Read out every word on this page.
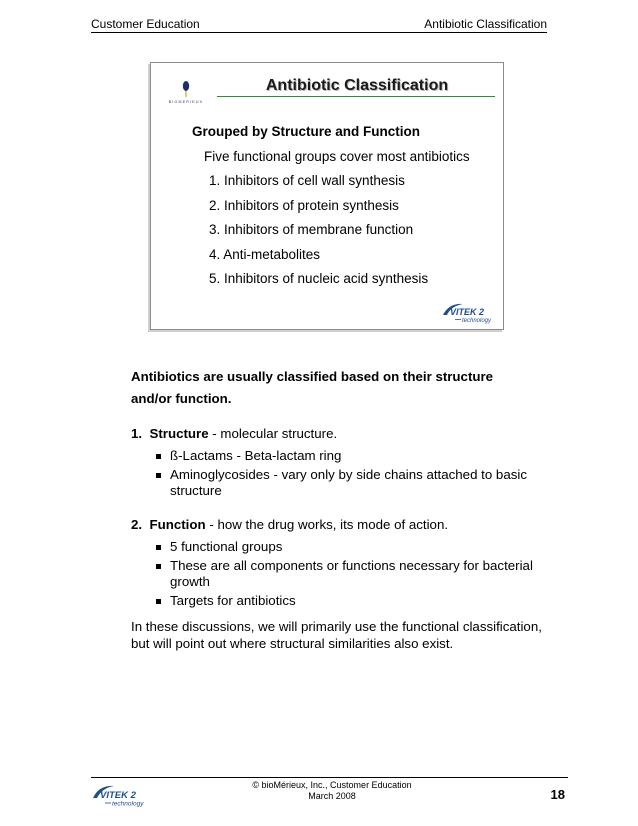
Customer Education	Antibiotic Classification
BIOMERIEUX
Antibiotic Classification
Grouped by Structure and Function
Five functional groups cover most antibiotics
1. Inhibitors of cell wall synthesis
2. Inhibitors of protein synthesis
3. Inhibitors of membrane function
4. Anti-metabolites
5. Inhibitors of nucleic acid synthesis
VITEK 2
technology
Antibiotics are usually classified based on their structure and/or function.
1. Structure - molecular structure.
ß-Lactams - Beta-lactam ring
Aminoglycosides - vary only by side chains attached to basic structure
2. Function - how the drug works, its mode of action.
5 functional groups
These are all components or functions necessary for bacterial growth
Targets for antibiotics
In these discussions, we will primarily use the functional classification, but will point out where structural similarities also exist.
VITEK 2
technology
© bioMérieux, Inc., Customer Education
March 2008	18
